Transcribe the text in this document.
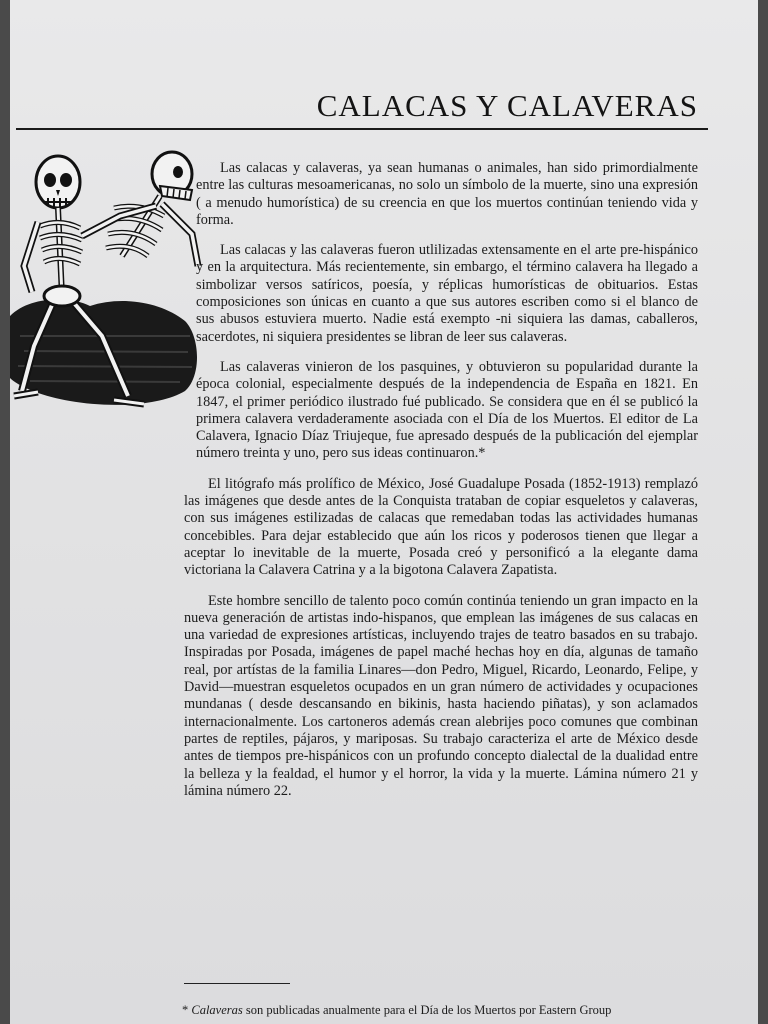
CALACAS Y CALAVERAS

Las calacas y calaveras, ya sean humanas o animales, han sido primordialmente entre las culturas mesoamericanas, no solo un símbolo de la muerte, sino una expresión ( a menudo humorística) de su creencia en que los muertos continúan teniendo vida y forma.

Las calacas y las calaveras fueron utlilizadas extensamente en el arte pre-hispánico y en la arquitectura. Más recientemente, sin embargo, el término calavera ha llegado a simbolizar versos satíricos, poesía, y réplicas humorísticas de obituarios. Estas composiciones son únicas en cuanto a que sus autores escriben como si el blanco de sus abusos estuviera muerto. Nadie está exempto -ni siquiera las damas, caballeros, sacerdotes, ni siquiera presidentes se libran de leer sus calaveras.

Las calaveras vinieron de los pasquines, y obtuvieron su popularidad durante la época colonial, especialmente después de la independencia de España en 1821. En 1847, el primer periódico ilustrado fué publicado. Se considera que en él se publicó la primera calavera verdaderamente asociada con el Día de los Muertos. El editor de La Calavera, Ignacio Díaz Triujeque, fue apresado después de la publicación del ejemplar número treinta y uno, pero sus ideas continuaron.*

El litógrafo más prolífico de México, José Guadalupe Posada (1852-1913) remplazó las imágenes que desde antes de la Conquista trataban de copiar esqueletos y calaveras, con sus imágenes estilizadas de calacas que remedaban todas las actividades humanas concebibles. Para dejar establecido que aún los ricos y poderosos tienen que llegar a aceptar lo inevitable de la muerte, Posada creó y personificó a la elegante dama victoriana la Calavera Catrina y a la bigotona Calavera Zapatista.

Este hombre sencillo de talento poco común continúa teniendo un gran impacto en la nueva generación de artistas indo-hispanos, que emplean las imágenes de sus calacas en una variedad de expresiones artísticas, incluyendo trajes de teatro basados en su trabajo. Inspiradas por Posada, imágenes de papel maché hechas hoy en día, algunas de tamaño real, por artístas de la familia Linares—don Pedro, Miguel, Ricardo, Leonardo, Felipe, y David—muestran esqueletos ocupados en un gran número de actividades y ocupaciones mundanas ( desde descansando en bikinis, hasta haciendo piñatas), y son aclamados internacionalmente. Los cartoneros además crean alebrijes poco comunes que combinan partes de reptiles, pájaros, y mariposas. Su trabajo caracteriza el arte de México desde antes de tiempos pre-hispánicos con un profundo concepto dialectal de la dualidad entre la belleza y la fealdad, el humor y el horror, la vida y la muerte. Lámina número 21 y lámina número 22.

* Calaveras son publicadas anualmente para el Día de los Muertos por Eastern Group
